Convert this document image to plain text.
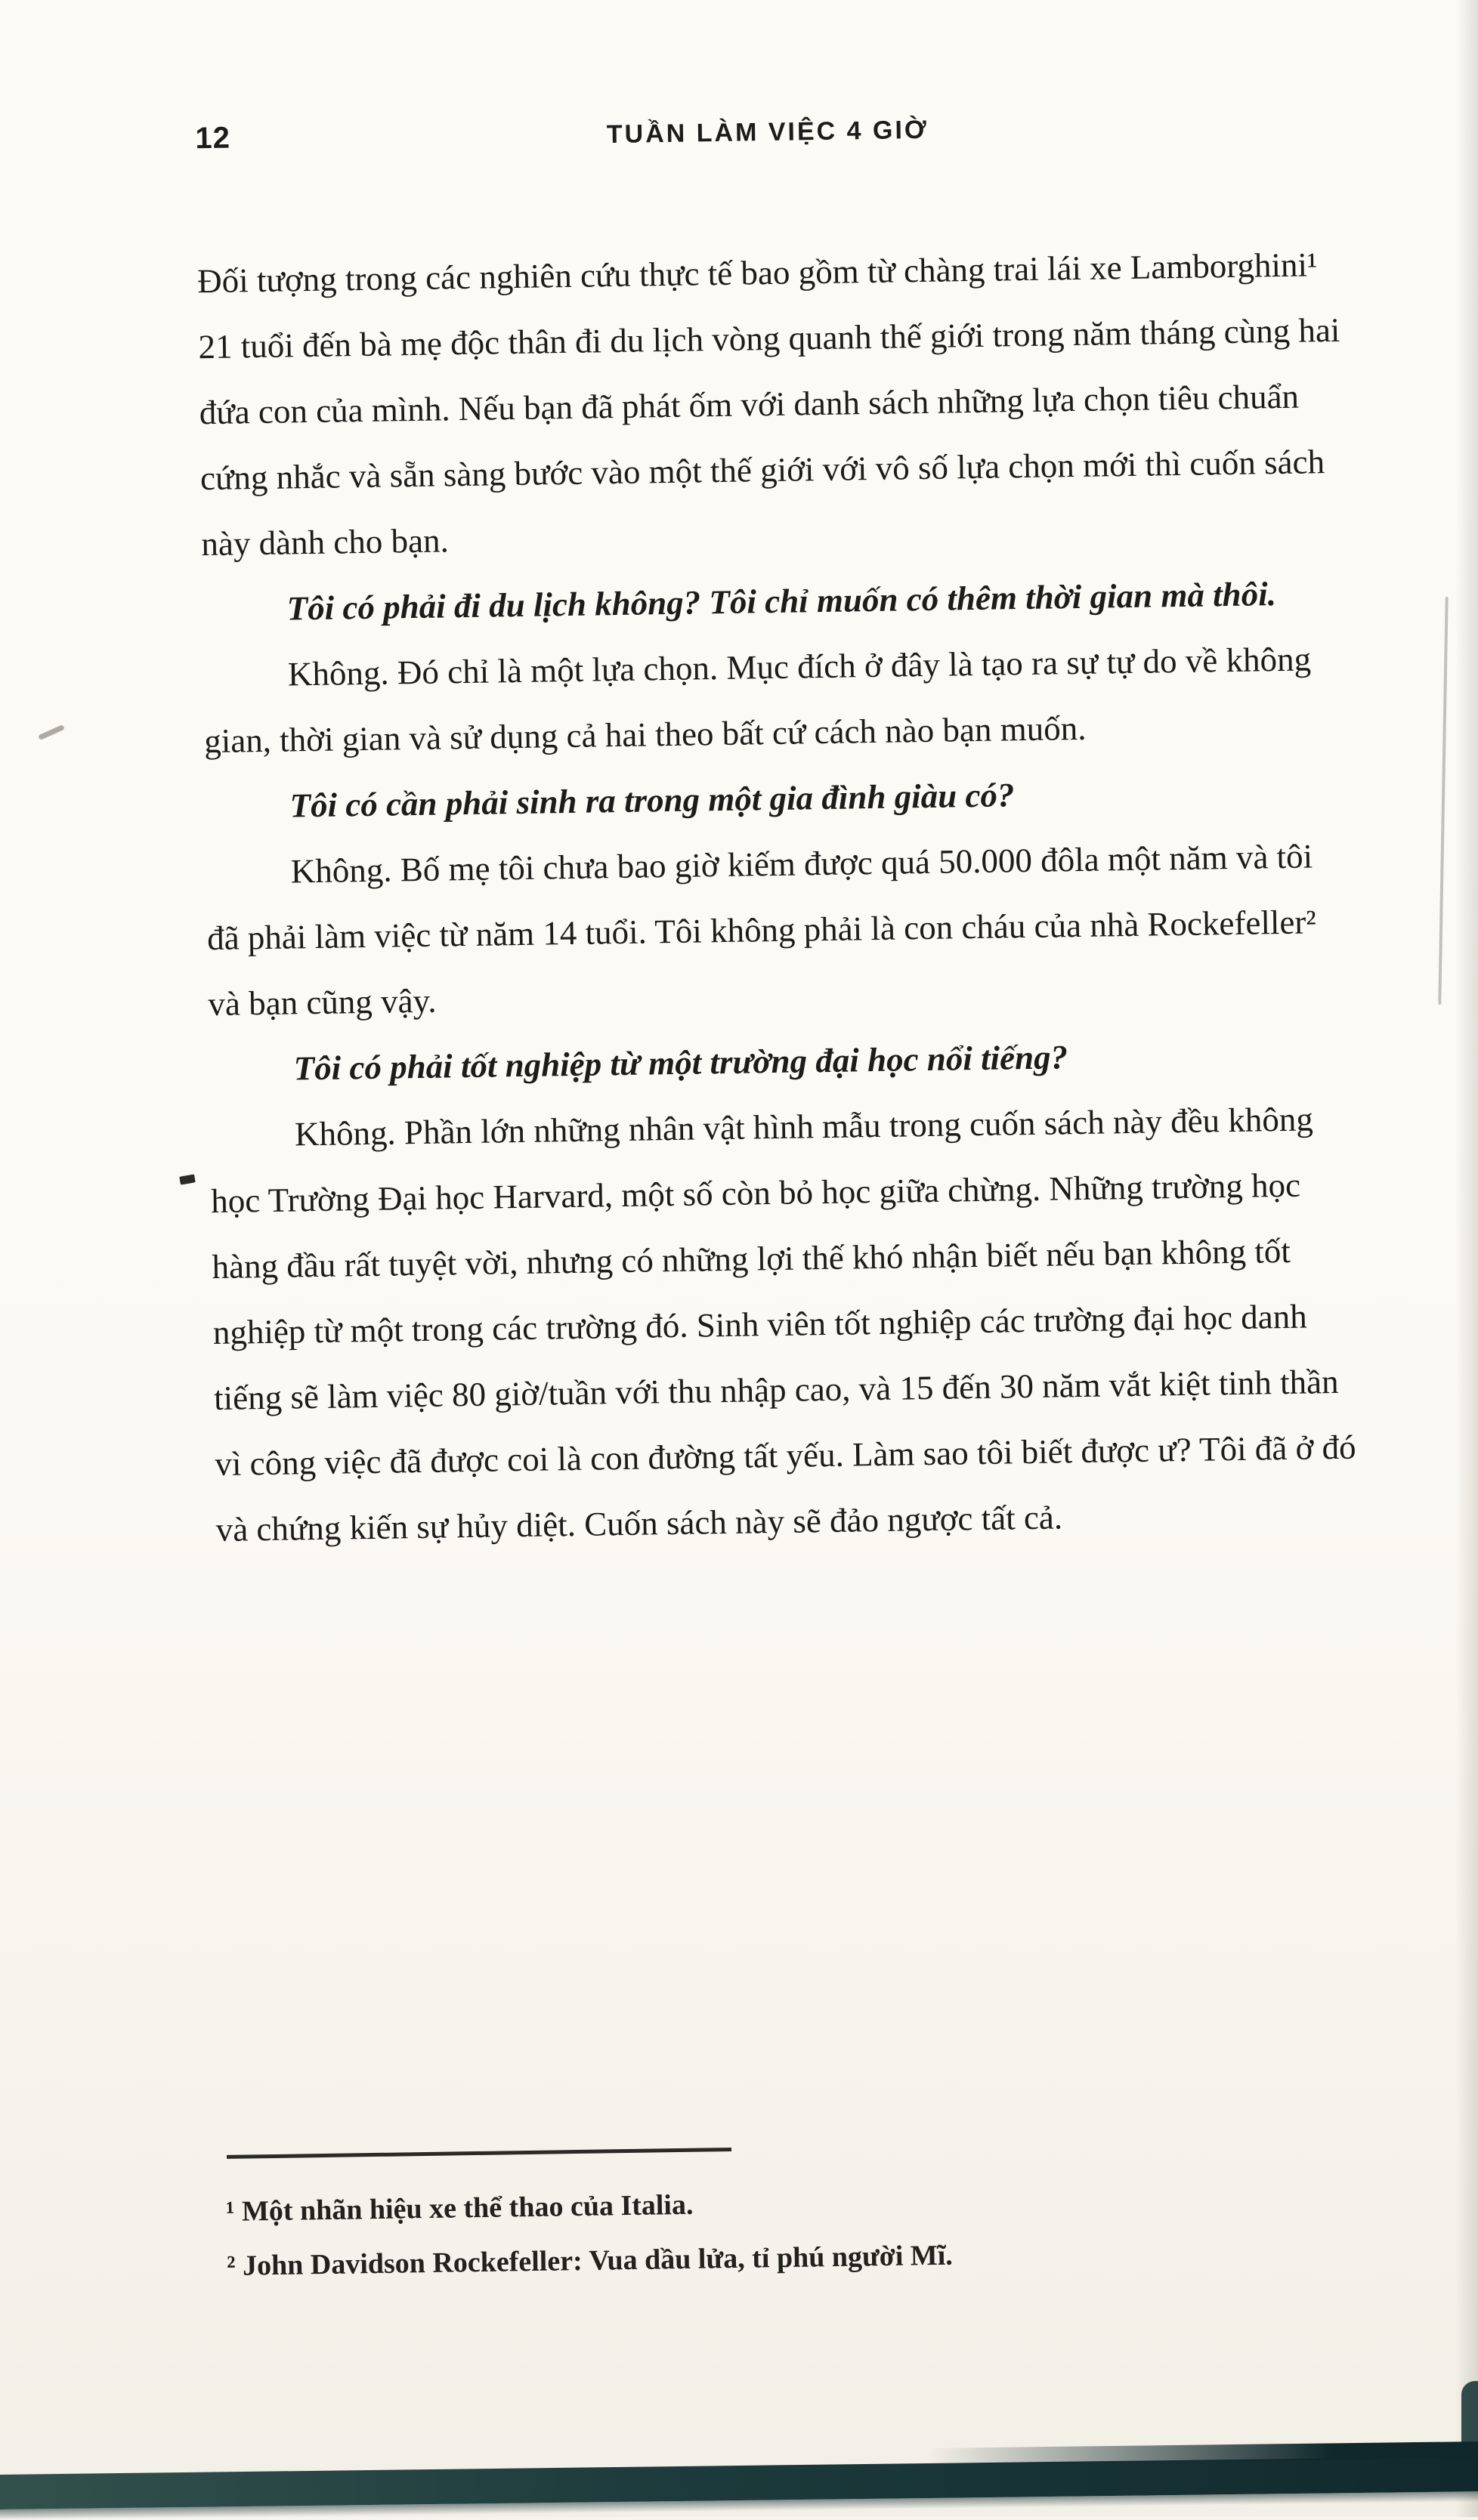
12	TUẦN LÀM VIỆC 4 GIỜ

Đối tượng trong các nghiên cứu thực tế bao gồm từ chàng trai lái xe Lamborghini¹ 21 tuổi đến bà mẹ độc thân đi du lịch vòng quanh thế giới trong năm tháng cùng hai đứa con của mình. Nếu bạn đã phát ốm với danh sách những lựa chọn tiêu chuẩn cứng nhắc và sẵn sàng bước vào một thế giới với vô số lựa chọn mới thì cuốn sách này dành cho bạn.

Tôi có phải đi du lịch không? Tôi chỉ muốn có thêm thời gian mà thôi.

Không. Đó chỉ là một lựa chọn. Mục đích ở đây là tạo ra sự tự do về không gian, thời gian và sử dụng cả hai theo bất cứ cách nào bạn muốn.

Tôi có cần phải sinh ra trong một gia đình giàu có?

Không. Bố mẹ tôi chưa bao giờ kiếm được quá 50.000 đôla một năm và tôi đã phải làm việc từ năm 14 tuổi. Tôi không phải là con cháu của nhà Rockefeller² và bạn cũng vậy.

Tôi có phải tốt nghiệp từ một trường đại học nổi tiếng?

Không. Phần lớn những nhân vật hình mẫu trong cuốn sách này đều không học Trường Đại học Harvard, một số còn bỏ học giữa chừng. Những trường học hàng đầu rất tuyệt vời, nhưng có những lợi thế khó nhận biết nếu bạn không tốt nghiệp từ một trong các trường đó. Sinh viên tốt nghiệp các trường đại học danh tiếng sẽ làm việc 80 giờ/tuần với thu nhập cao, và 15 đến 30 năm vắt kiệt tinh thần vì công việc đã được coi là con đường tất yếu. Làm sao tôi biết được ư? Tôi đã ở đó và chứng kiến sự hủy diệt. Cuốn sách này sẽ đảo ngược tất cả.

¹ Một nhãn hiệu xe thể thao của Italia.

² John Davidson Rockefeller: Vua dầu lửa, tỉ phú người Mĩ.
